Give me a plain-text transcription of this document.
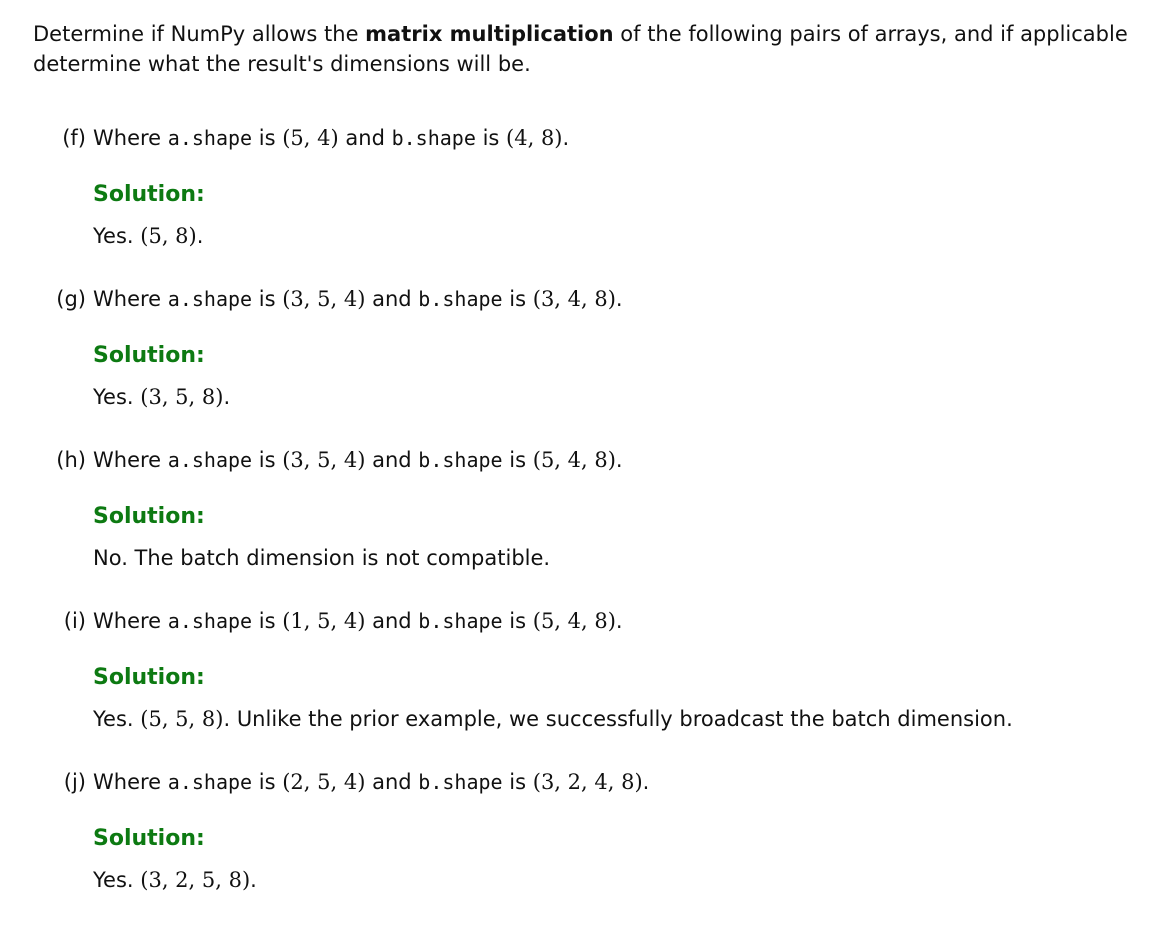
Determine if NumPy allows the matrix multiplication of the following pairs of arrays, and if applicable determine what the result's dimensions will be.
(f) Where a.shape is (5, 4) and b.shape is (4, 8).
Solution:
Yes. (5, 8).
(g) Where a.shape is (3, 5, 4) and b.shape is (3, 4, 8).
Solution:
Yes. (3, 5, 8).
(h) Where a.shape is (3, 5, 4) and b.shape is (5, 4, 8).
Solution:
No. The batch dimension is not compatible.
(i) Where a.shape is (1, 5, 4) and b.shape is (5, 4, 8).
Solution:
Yes. (5, 5, 8). Unlike the prior example, we successfully broadcast the batch dimension.
(j) Where a.shape is (2, 5, 4) and b.shape is (3, 2, 4, 8).
Solution:
Yes. (3, 2, 5, 8).
